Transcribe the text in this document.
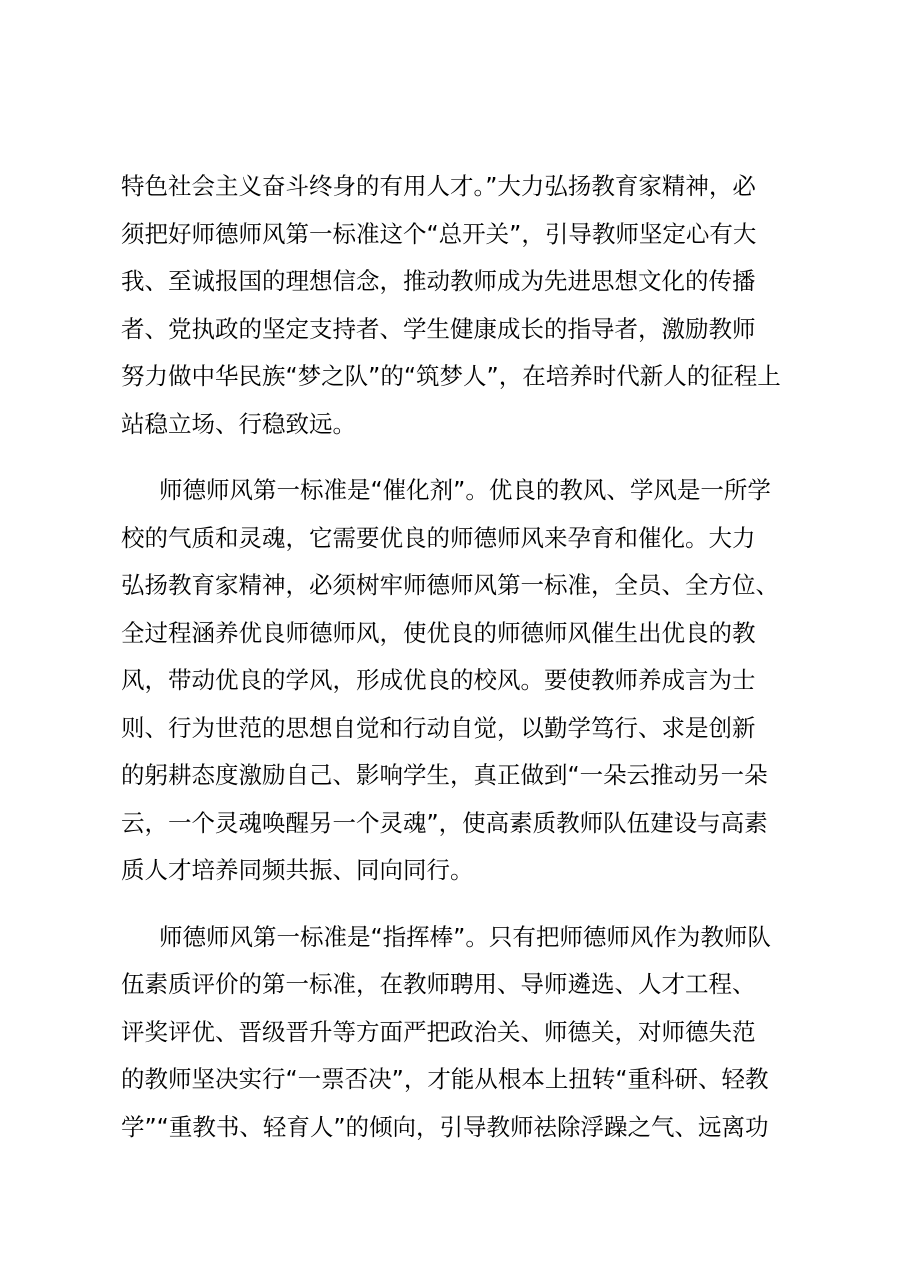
特色社会主义奋斗终身的有用人才。”大力弘扬教育家精神，必
须把好师德师风第一标准这个“总开关”，引导教师坚定心有大
我、至诚报国的理想信念，推动教师成为先进思想文化的传播
者、党执政的坚定支持者、学生健康成长的指导者，激励教师
努力做中华民族“梦之队”的“筑梦人”，在培养时代新人的征程上
站稳立场、行稳致远。
师德师风第一标准是“催化剂”。优良的教风、学风是一所学
校的气质和灵魂，它需要优良的师德师风来孕育和催化。大力
弘扬教育家精神，必须树牢师德师风第一标准，全员、全方位、
全过程涵养优良师德师风，使优良的师德师风催生出优良的教
风，带动优良的学风，形成优良的校风。要使教师养成言为士
则、行为世范的思想自觉和行动自觉，以勤学笃行、求是创新
的躬耕态度激励自己、影响学生，真正做到“一朵云推动另一朵
云，一个灵魂唤醒另一个灵魂”，使高素质教师队伍建设与高素
质人才培养同频共振、同向同行。
师德师风第一标准是“指挥棒”。只有把师德师风作为教师队
伍素质评价的第一标准，在教师聘用、导师遴选、人才工程、
评奖评优、晋级晋升等方面严把政治关、师德关，对师德失范
的教师坚决实行“一票否决”，才能从根本上扭转“重科研、轻教
学”“重教书、轻育人”的倾向，引导教师祛除浮躁之气、远离功
